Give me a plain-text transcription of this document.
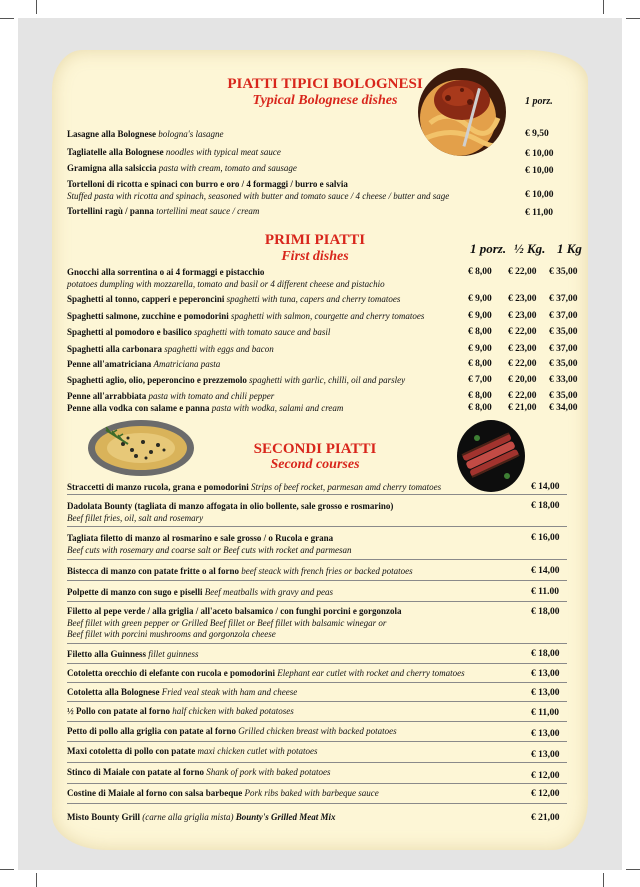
PIATTI TIPICI BOLOGNESI
Typical Bolognese dishes	1 porz.
Lasagne alla Bolognese bologna's lasagne	€ 9,50
Tagliatelle alla Bolognese noodles with typical meat sauce	€ 10,00
Gramigna alla salsiccia pasta with cream, tomato and sausage	€ 10,00
Tortelloni di ricotta e spinaci con burro e oro / 4 formaggi / burro e salvia
Stuffed pasta with ricotta and spinach, seasoned with butter and tomato sauce / 4 cheese / butter and sage	€ 10,00
Tortellini ragù / panna tortellini meat sauce / cream	€ 11,00
PRIMI PIATTI
First dishes
1 porz. ½ Kg. 1 Kg
Gnocchi alla sorrentina o ai 4 formaggi e pistacchio
potatoes dumpling with mozzarella, tomato and basil or 4 different cheese and pistachio
€ 8,00 € 22,00 € 35,00
Spaghetti al tonno, capperi e peperoncini spaghetti with tuna, capers and cherry tomatoes	€ 9,00 € 23,00 € 37,00
Spaghetti salmone, zucchine e pomodorini spaghetti with salmon, courgette and cherry tomatoes	€ 9,00 € 23,00 € 37,00
Spaghetti al pomodoro e basilico spaghetti with tomato sauce and basil	€ 8,00 € 22,00 € 35,00
Spaghetti alla carbonara spaghetti with eggs and bacon	€ 9,00 € 23,00 € 37,00
Penne all'amatriciana Amatriciana pasta	€ 8,00 € 22,00 € 35,00
Spaghetti aglio, olio, peperoncino e prezzemolo spaghetti with garlic, chilli, oil and parsley	€ 7,00 € 20,00 € 33,00
Penne all'arrabbiata pasta with tomato and chili pepper	€ 8,00 € 22,00 € 35,00
Penne alla vodka con salame e panna pasta with wodka, salami and cream	€ 8,00 € 21,00 € 34,00
SECONDI PIATTI
Second courses
Straccetti di manzo rucola, grana e pomodorini Strips of beef rocket, parmesan amd cherry tomatoes	€ 14,00
Dadolata Bounty (tagliata di manzo affogata in olio bollente, sale grosso e rosmarino)
Beef fillet fries, oil, salt and rosemary
€ 18,00
Tagliata filetto di manzo al rosmarino e sale grosso / o Rucola e grana
Beef cuts with rosemary and coarse salt or Beef cuts with rocket and parmesan
€ 16,00
Bistecca di manzo con patate fritte o al forno beef steack with french fries or backed potatoes	€ 14,00
Polpette di manzo con sugo e piselli Beef meatballs with gravy and peas	€ 11.00
Filetto al pepe verde / alla griglia / all'aceto balsamico / con funghi porcini e gorgonzola
Beef fillet with green pepper or Grilled Beef fillet or Beef fillet with balsamic winegar or
Beef fillet with porcini mushrooms and gorgonzola cheese
€ 18,00
Filetto alla Guinness fillet guinness	€ 18,00
Cotoletta orecchio di elefante con rucola e pomodorini Elephant ear cutlet with rocket and cherry tomatoes	€ 13,00
Cotoletta alla Bolognese Fried veal steak with ham and cheese	€ 13,00
½ Pollo con patate al forno half chicken with baked potatoses	€ 11,00
Petto di pollo alla griglia con patate al forno Grilled chicken breast with backed potatoes	€ 13,00
Maxi cotoletta di pollo con patate maxi chicken cutlet with potatoes	€ 13,00
Stinco di Maiale con patate al forno Shank of pork with baked potatoes	€ 12,00
Costine di Maiale al forno con salsa barbeque Pork ribs baked with barbeque sauce	€ 12,00
Misto Bounty Grill (carne alla griglia mista) Bounty's Grilled Meat Mix	€ 21,00
